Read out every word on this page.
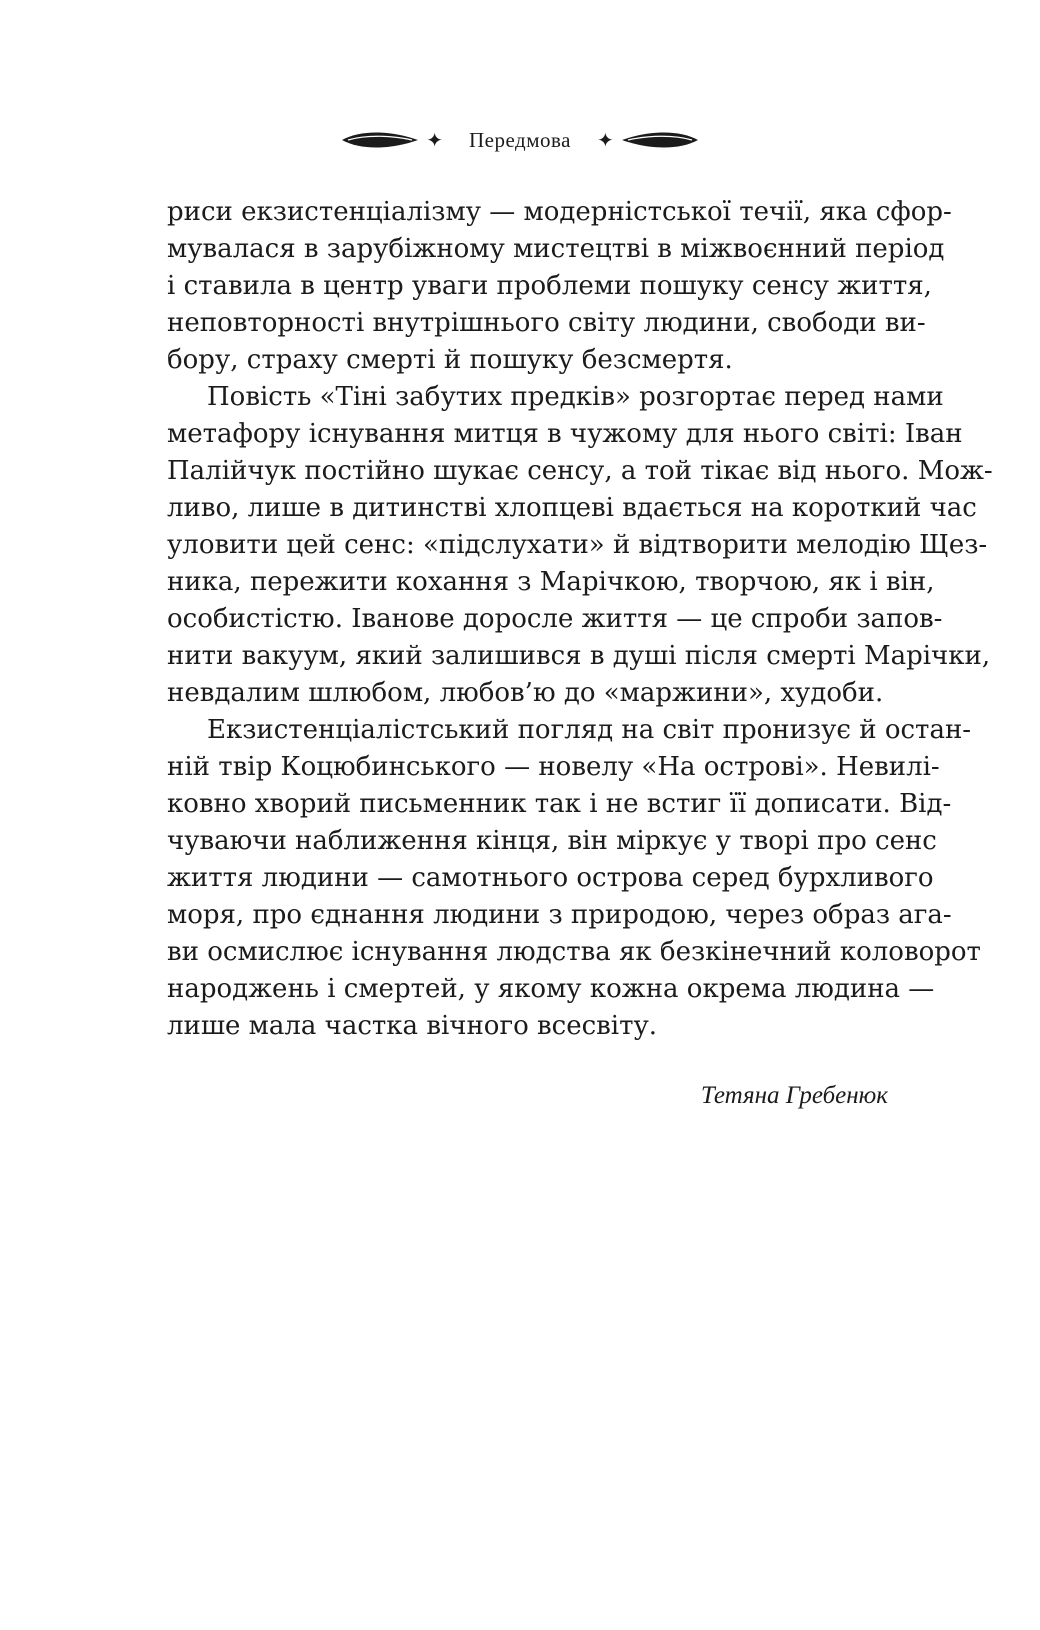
✦ Передмова ✦
риси екзистенціалізму — модерністської течії, яка сфор-
мувалася в зарубіжному мистецтві в міжвоєнний період
і ставила в центр уваги проблеми пошуку сенсу життя,
неповторності внутрішнього світу людини, свободи ви-
бору, страху смерті й пошуку безсмертя.
Повість «Тіні забутих предків» розгортає перед нами
метафору існування митця в чужому для нього світі: Іван
Палійчук постійно шукає сенсу, а той тікає від нього. Мож-
ливо, лише в дитинстві хлопцеві вдається на короткий час
уловити цей сенс: «підслухати» й відтворити мелодію Щез-
ника, пережити кохання з Марічкою, творчою, як і він,
особистістю. Іванове доросле життя — це спроби запов-
нити вакуум, який залишився в душі після смерті Марічки,
невдалим шлюбом, любов’ю до «маржини», худоби.
Екзистенціалістський погляд на світ пронизує й остан-
ній твір Коцюбинського — новелу «На острові». Невилі-
ковно хворий письменник так і не встиг її дописати. Від-
чуваючи наближення кінця, він міркує у творі про сенс
життя людини — самотнього острова серед бурхливого
моря, про єднання людини з природою, через образ ага-
ви осмислює існування людства як безкінечний коловорот
народжень і смертей, у якому кожна окрема людина —
лише мала частка вічного всесвіту.
Тетяна Гребенюк
